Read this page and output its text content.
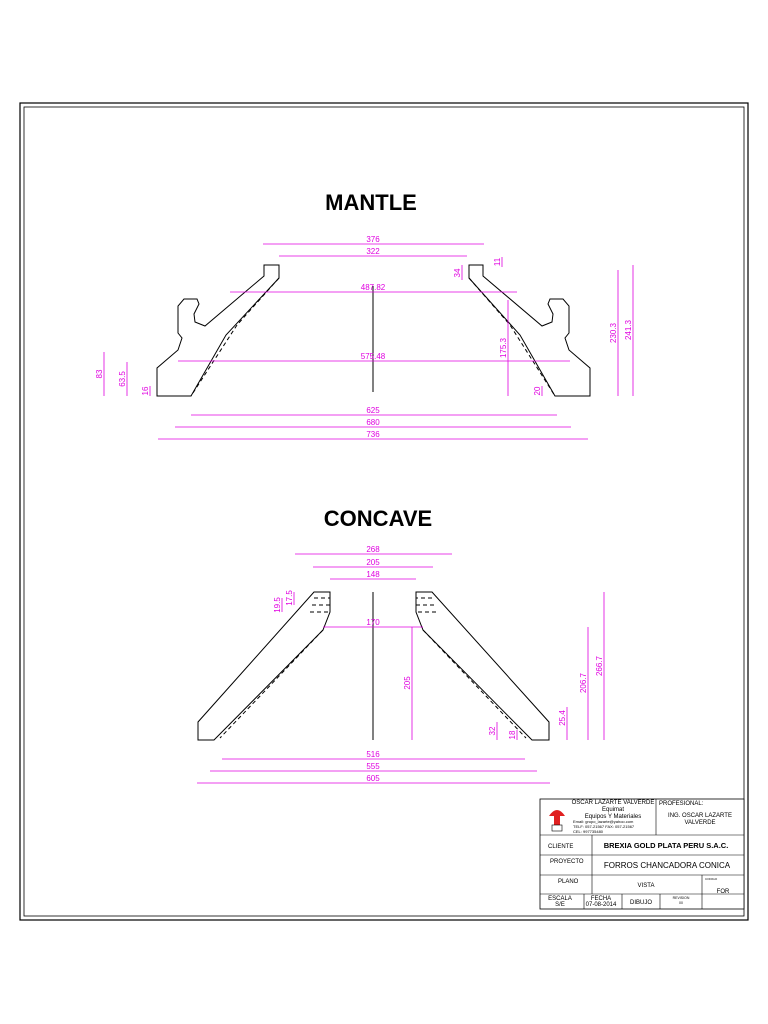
MANTLE
376
322
487.82
575.48
625
680
736
83 63.5
16
34
11
175.3
20
230.3 241.3
CONCAVE
268
205
148
170
516
555
605
19.5 17.5
205
32 18
25.4
206.7
266.7
OSCAR LAZARTE VALVERDE
Equimat
Equipos Y Materiales
Email: grupo_lazarte@yahoo.com
TELF: 057-21567 FAX: 057-21567
CEL: 997735480
PROFESIONAL:
ING. OSCAR LAZARTE
VALVERDE
CLIENTE	BREXIA GOLD PLATA PERU S.A.C.
PROYECTO	FORROS CHANCADORA CONICA
PLANO
VISTA
CODIGO
FOR
ESCALA
S/E
FECHA
07-08-2014 DIBUJO
REVISION
00
